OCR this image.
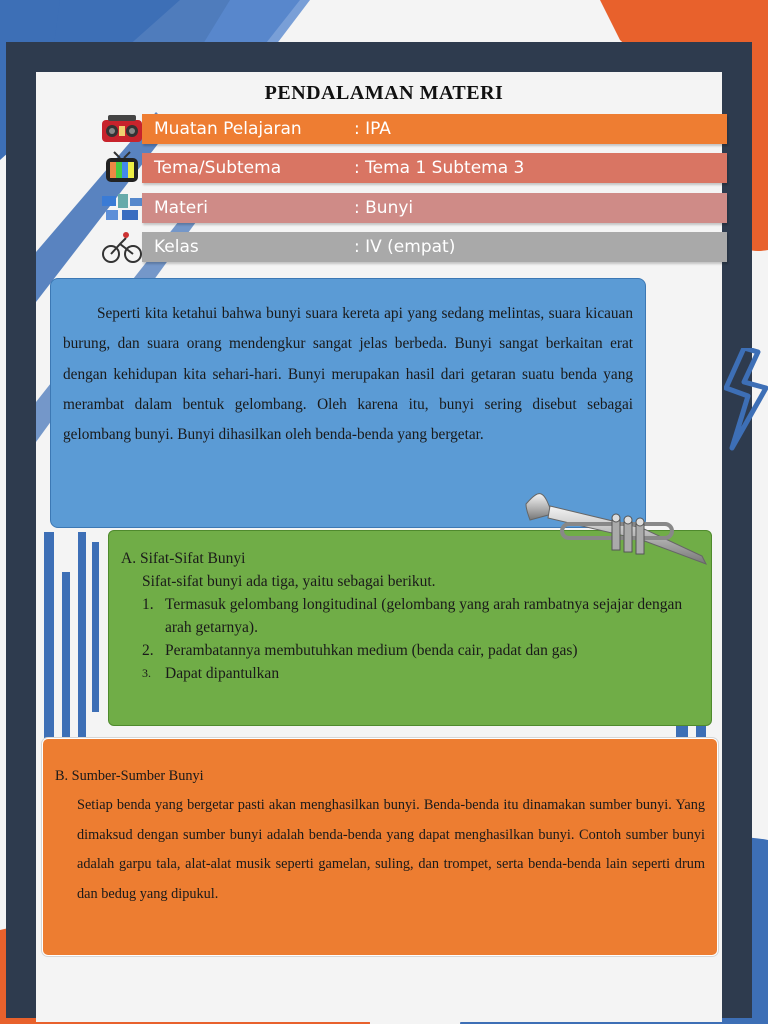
PENDALAMAN MATERI
Muatan Pelajaran	: IPA
Tema/Subtema	: Tema 1 Subtema 3
Materi	: Bunyi
Kelas	: IV (empat)

Seperti kita ketahui bahwa bunyi suara kereta api yang sedang melintas, suara kicauan burung, dan suara orang mendengkur sangat jelas berbeda. Bunyi sangat berkaitan erat dengan kehidupan kita sehari-hari. Bunyi merupakan hasil dari getaran suatu benda yang merambat dalam bentuk gelombang. Oleh karena itu, bunyi sering disebut sebagai gelombang bunyi. Bunyi dihasilkan oleh benda-benda yang bergetar.

A. Sifat-Sifat Bunyi

Sifat-sifat bunyi ada tiga, yaitu sebagai berikut.

1. Termasuk gelombang longitudinal (gelombang yang arah rambatnya sejajar dengan arah getarnya).
2. Perambatannya membutuhkan medium (benda cair, padat dan gas)
3. Dapat dipantulkan

B. Sumber-Sumber Bunyi

Setiap benda yang bergetar pasti akan menghasilkan bunyi. Benda-benda itu dinamakan sumber bunyi. Yang dimaksud dengan sumber bunyi adalah benda-benda yang dapat menghasilkan bunyi. Contoh sumber bunyi adalah garpu tala, alat-alat musik seperti gamelan, suling, dan trompet, serta benda-benda lain seperti drum dan bedug yang dipukul.
